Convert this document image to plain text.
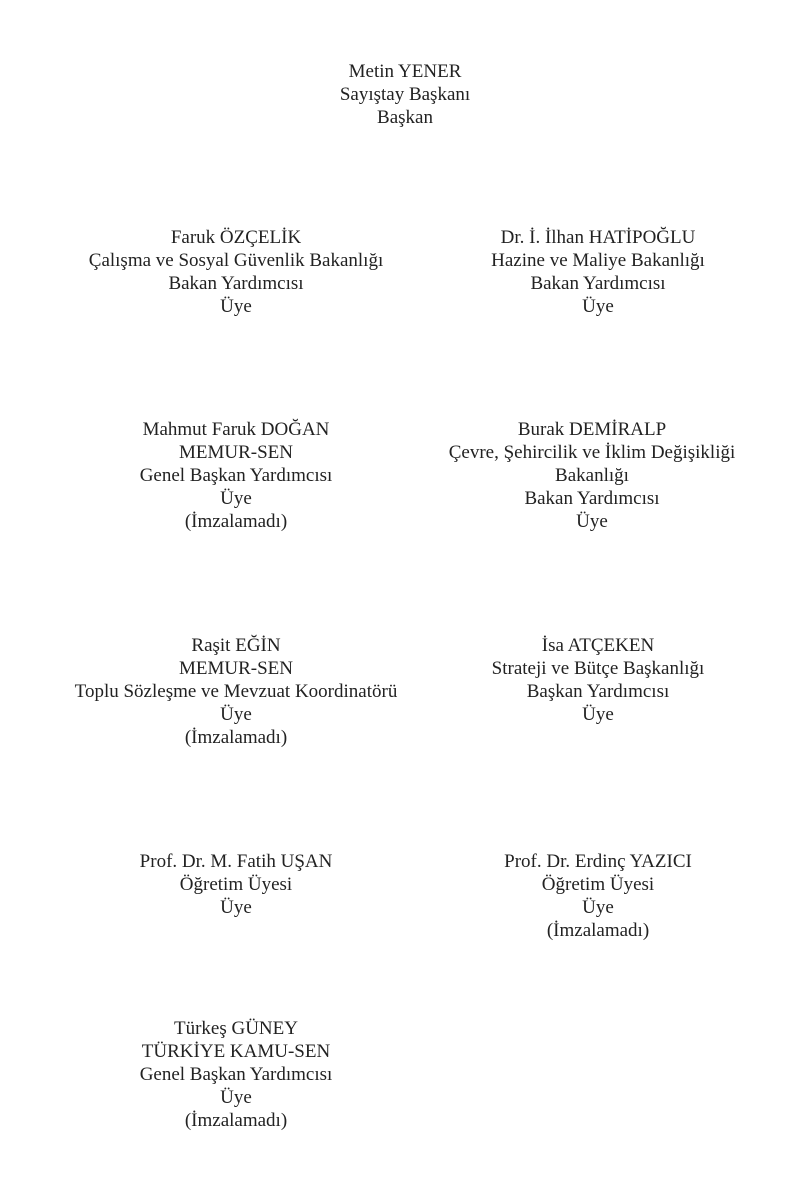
Metin YENER
Sayıştay Başkanı
Başkan
Faruk ÖZÇELİK
Çalışma ve Sosyal Güvenlik Bakanlığı
Bakan Yardımcısı
Üye
Dr. İ. İlhan HATİPOĞLU
Hazine ve Maliye Bakanlığı
Bakan Yardımcısı
Üye
Mahmut Faruk DOĞAN
MEMUR-SEN
Genel Başkan Yardımcısı
Üye
(İmzalamadı)
Burak DEMİRALP
Çevre, Şehircilik ve İklim Değişikliği
Bakanlığı
Bakan Yardımcısı
Üye
Raşit EĞİN
MEMUR-SEN
Toplu Sözleşme ve Mevzuat Koordinatörü
Üye
(İmzalamadı)
İsa ATÇEKEN
Strateji ve Bütçe Başkanlığı
Başkan Yardımcısı
Üye
Prof. Dr. M. Fatih UŞAN
Öğretim Üyesi
Üye
Prof. Dr. Erdinç YAZICI
Öğretim Üyesi
Üye
(İmzalamadı)
Türkeş GÜNEY
TÜRKİYE KAMU-SEN
Genel Başkan Yardımcısı
Üye
(İmzalamadı)
